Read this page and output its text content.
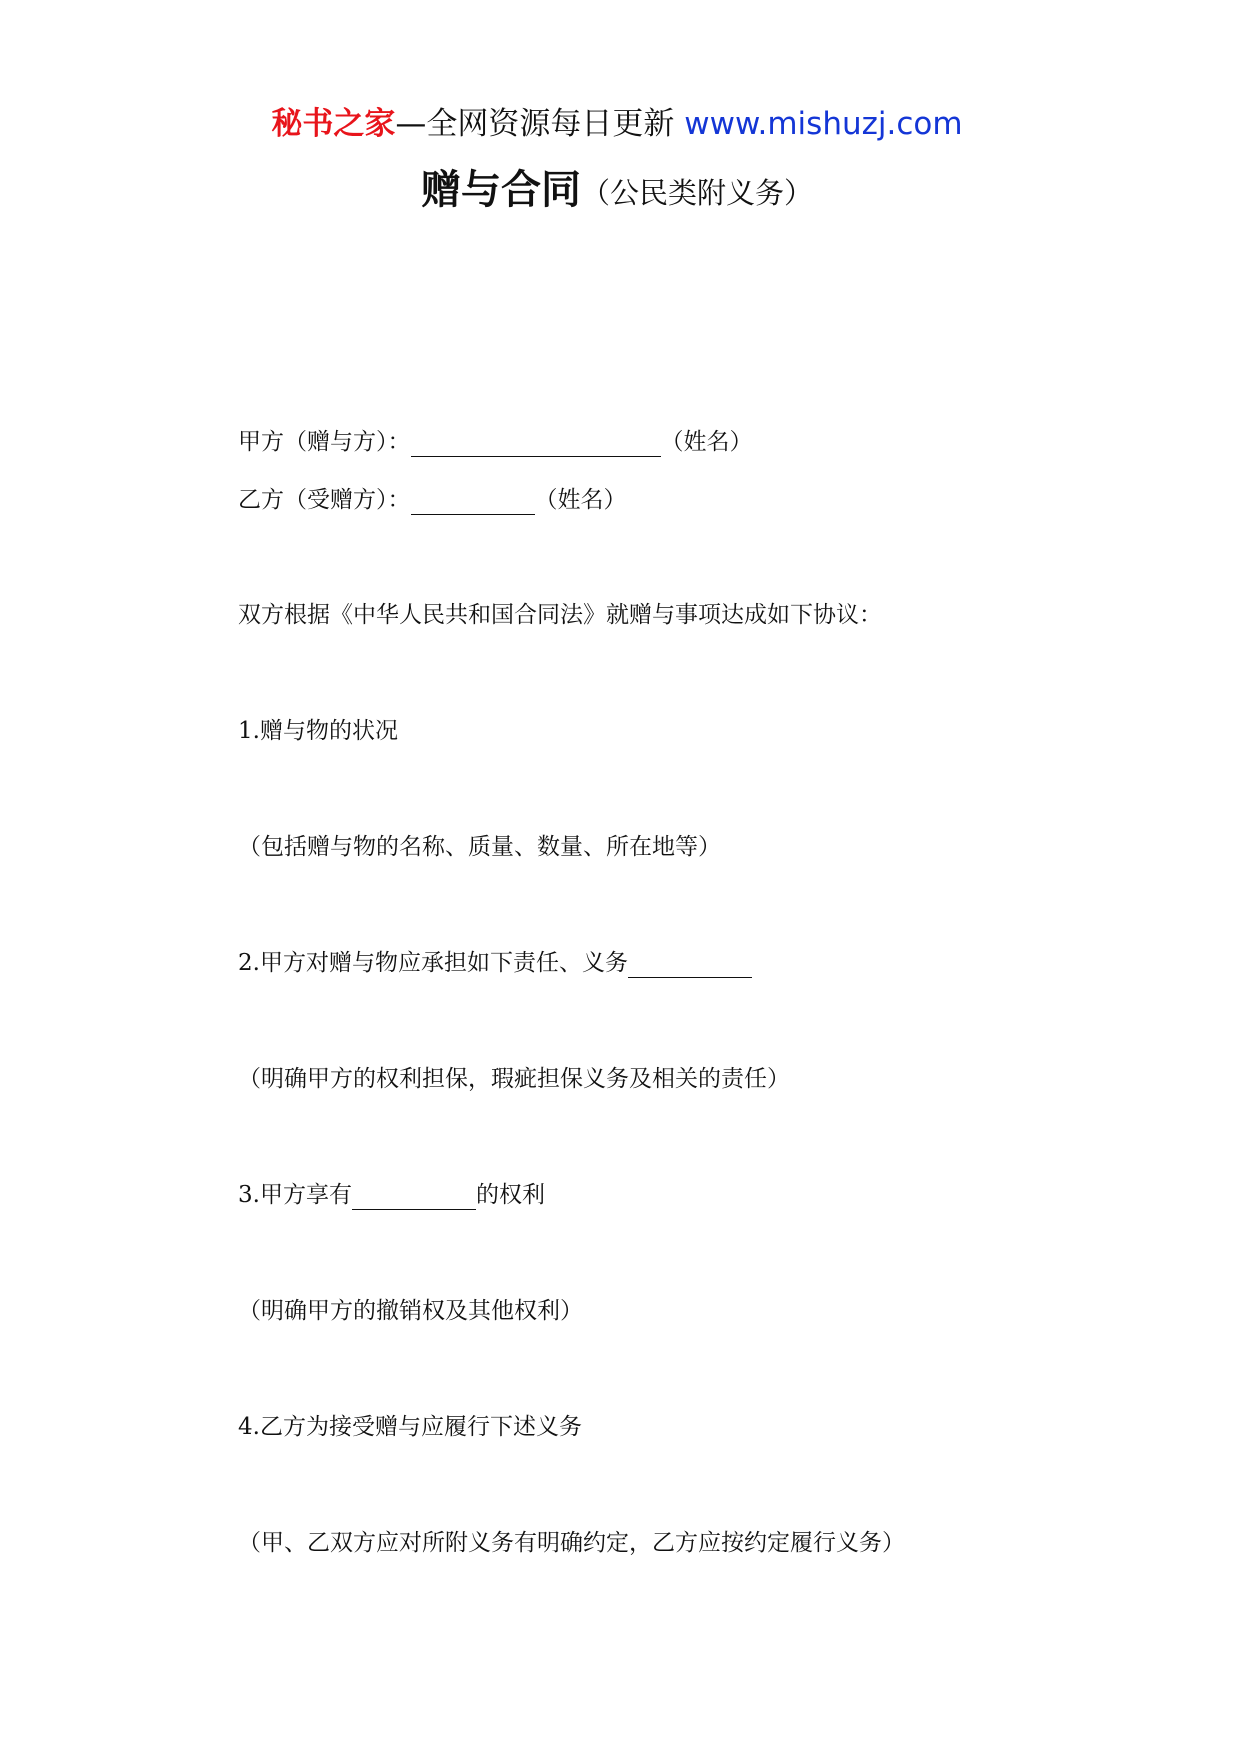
秘书之家—全网资源每日更新 www.mishuzj.com
赠与合同（公民类附义务）
甲方（赠与方）：	（姓名）
乙方（受赠方）：	（姓名）
双方根据《中华人民共和国合同法》就赠与事项达成如下协议：
1.赠与物的状况
（包括赠与物的名称、质量、数量、所在地等）
2.甲方对赠与物应承担如下责任、义务
（明确甲方的权利担保，瑕疵担保义务及相关的责任）
3.甲方享有	的权利
（明确甲方的撤销权及其他权利）
4.乙方为接受赠与应履行下述义务
（甲、乙双方应对所附义务有明确约定，乙方应按约定履行义务）
